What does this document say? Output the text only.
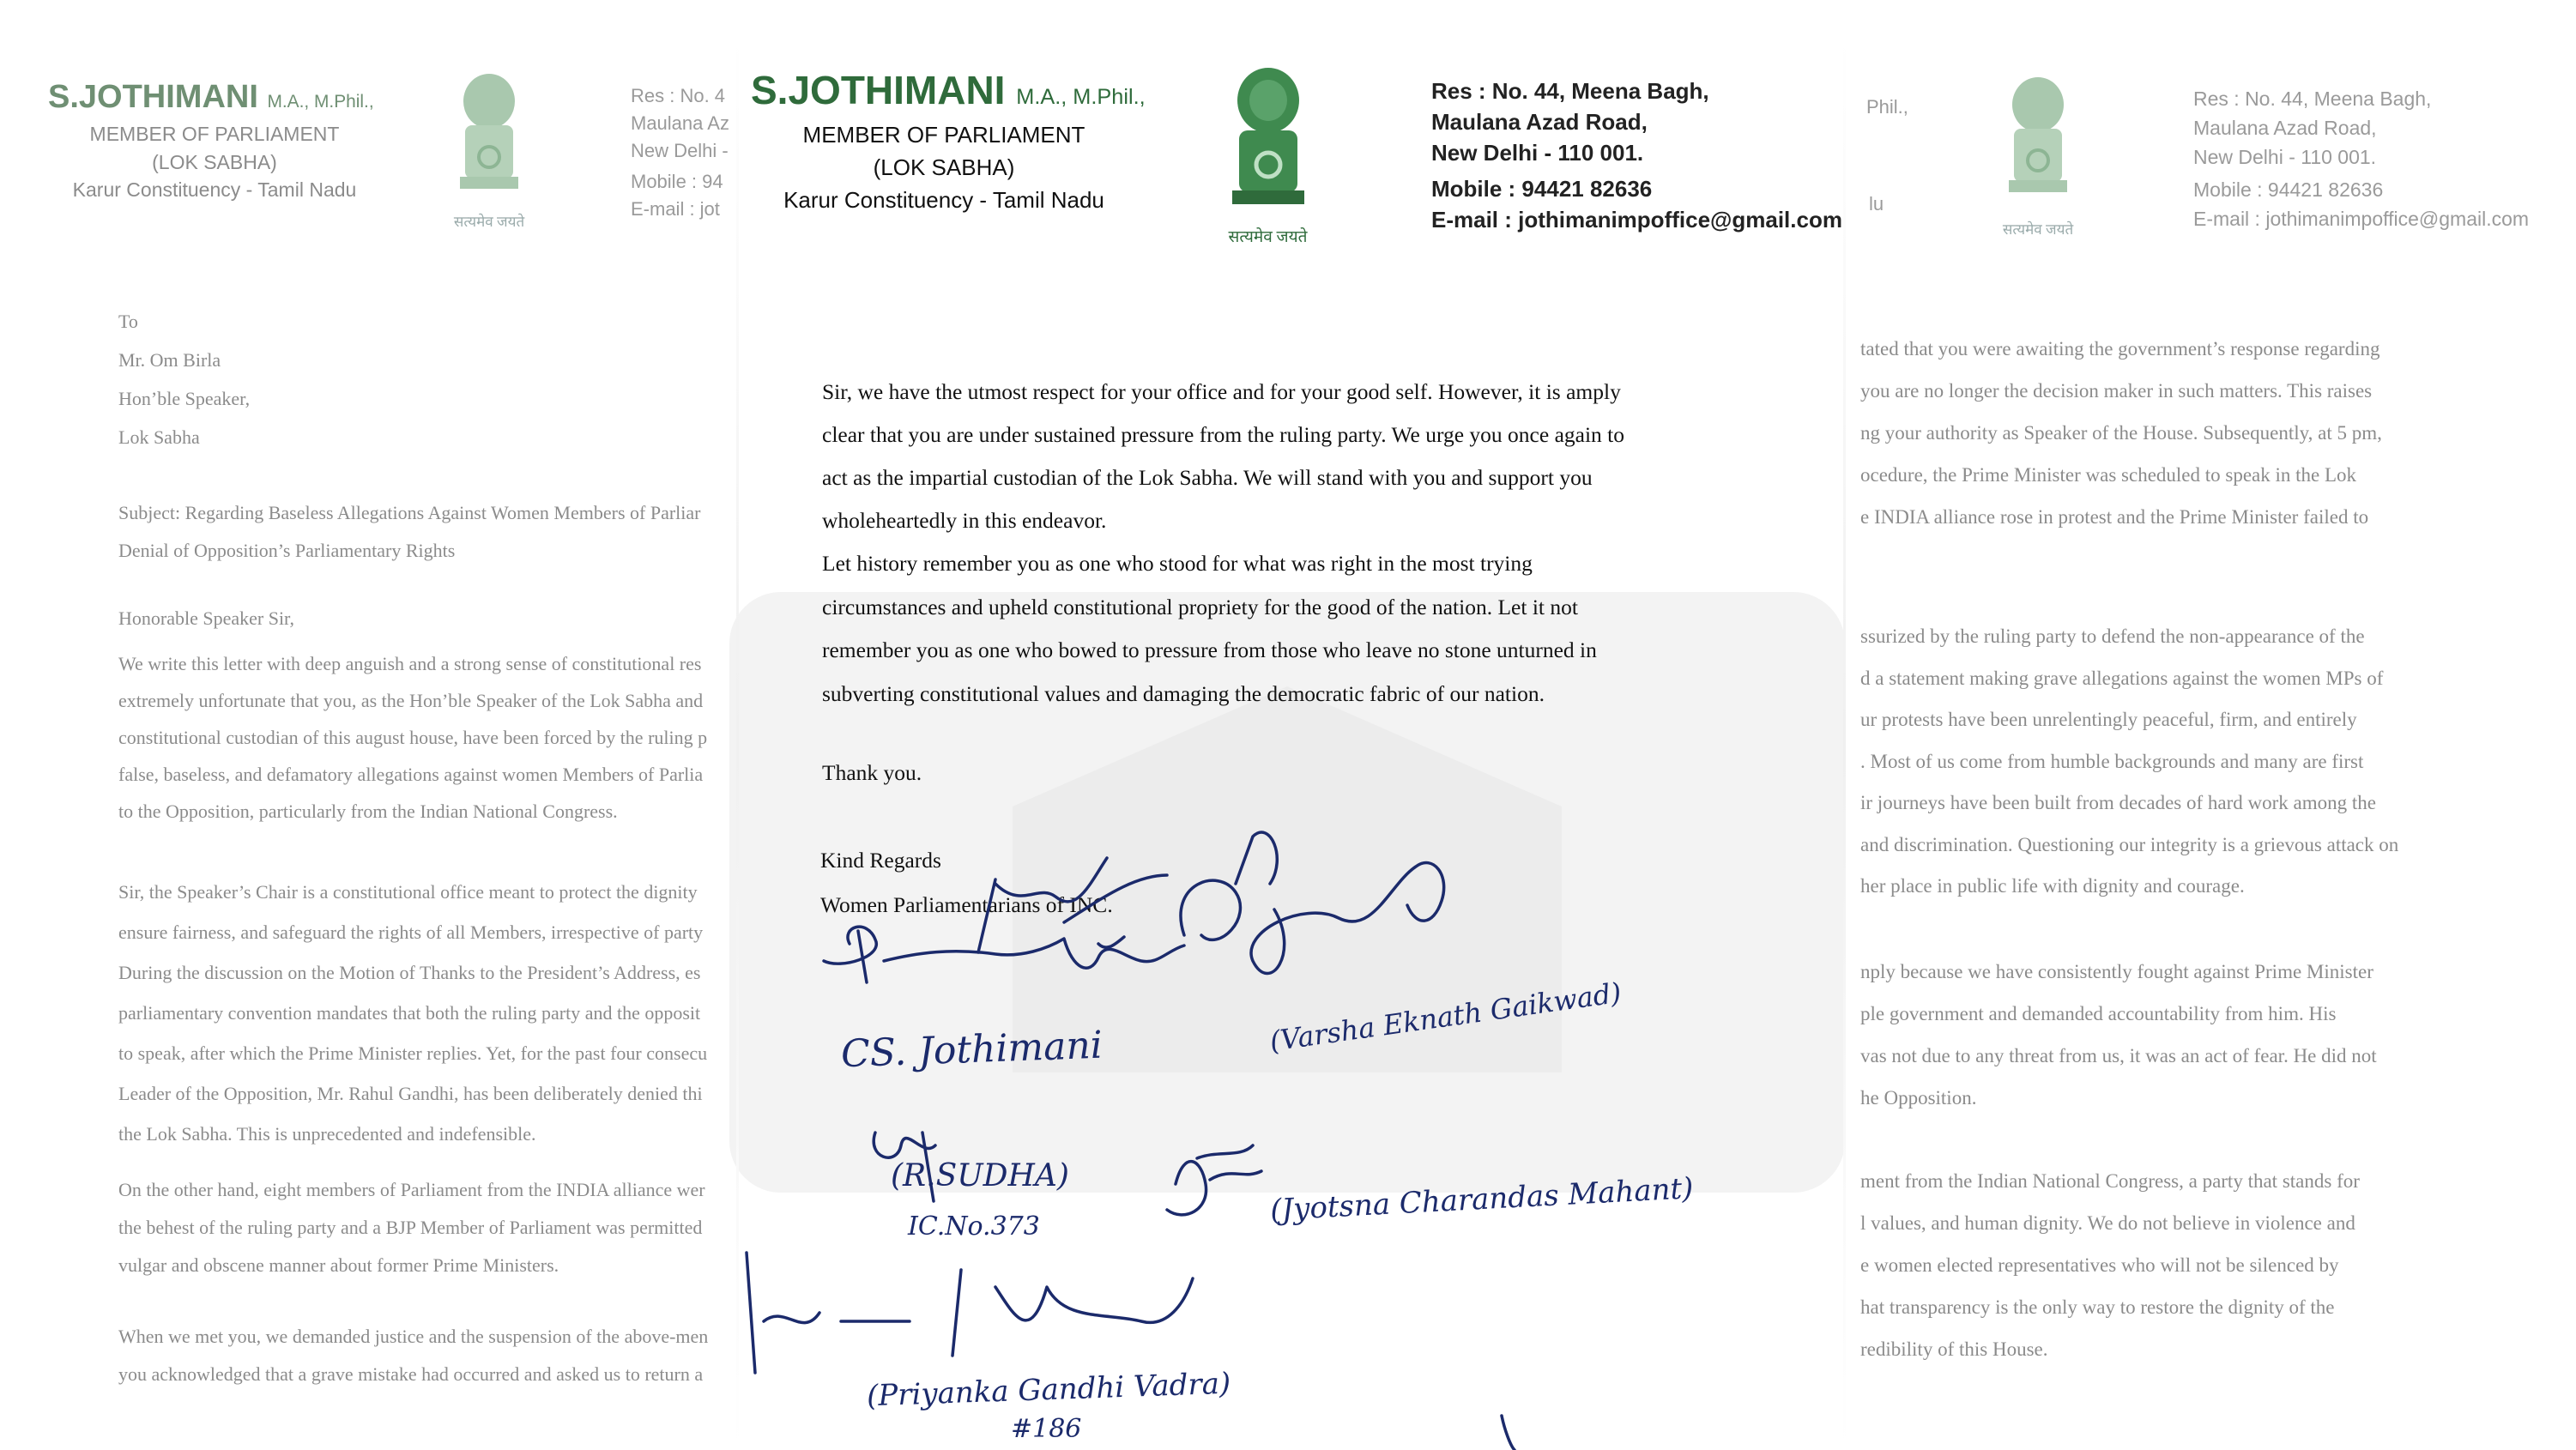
S.JOTHIMANI M.A., M.Phil.,
MEMBER OF PARLIAMENT
(LOK SABHA)
Karur Constituency - Tamil Nadu
सत्यमेव जयते
Res : No. 4
Maulana Az
New Delhi -
Mobile : 94
E-mail : jot
To
Mr. Om Birla
Hon’ble Speaker,
Lok Sabha
Subject: Regarding Baseless Allegations Against Women Members of Parliar
Denial of Opposition’s Parliamentary Rights
Honorable Speaker Sir,
We write this letter with deep anguish and a strong sense of constitutional res
extremely unfortunate that you, as the Hon’ble Speaker of the Lok Sabha and
constitutional custodian of this august house, have been forced by the ruling p
false, baseless, and defamatory allegations against women Members of Parlia
to the Opposition, particularly from the Indian National Congress.
Sir, the Speaker’s Chair is a constitutional office meant to protect the dignity
ensure fairness, and safeguard the rights of all Members, irrespective of party
During the discussion on the Motion of Thanks to the President’s Address, es
parliamentary convention mandates that both the ruling party and the opposit
to speak, after which the Prime Minister replies. Yet, for the past four consecu
Leader of the Opposition, Mr. Rahul Gandhi, has been deliberately denied thi
the Lok Sabha. This is unprecedented and indefensible.
On the other hand, eight members of Parliament from the INDIA alliance wer
the behest of the ruling party and a BJP Member of Parliament was permitted
vulgar and obscene manner about former Prime Ministers.
When we met you, we demanded justice and the suspension of the above-men
you acknowledged that a grave mistake had occurred and asked us to return a
Phil.,
lu
सत्यमेव जयते
Res : No. 44, Meena Bagh,
Maulana Azad Road,
New Delhi - 110 001.
Mobile : 94421 82636
E-mail : jothimanimpoffice@gmail.com
tated that you were awaiting the government’s response regarding
you are no longer the decision maker in such matters. This raises
ng your authority as Speaker of the House. Subsequently, at 5 pm,
ocedure, the Prime Minister was scheduled to speak in the Lok
e INDIA alliance rose in protest and the Prime Minister failed to
ssurized by the ruling party to defend the non-appearance of the
d a statement making grave allegations against the women MPs of
ur protests have been unrelentingly peaceful, firm, and entirely
. Most of us come from humble backgrounds and many are first
ir journeys have been built from decades of hard work among the
and discrimination. Questioning our integrity is a grievous attack on
her place in public life with dignity and courage.
nply because we have consistently fought against Prime Minister
ple government and demanded accountability from him. His
vas not due to any threat from us, it was an act of fear. He did not
he Opposition.
ment from the Indian National Congress, a party that stands for
l values, and human dignity. We do not believe in violence and
e women elected representatives who will not be silenced by
hat transparency is the only way to restore the dignity of the
redibility of this House.
S.JOTHIMANI M.A., M.Phil.,
MEMBER OF PARLIAMENT
(LOK SABHA)
Karur Constituency - Tamil Nadu
सत्यमेव जयते
Res : No. 44, Meena Bagh,
Maulana Azad Road,
New Delhi - 110 001.
Mobile : 94421 82636
E-mail : jothimanimpoffice@gmail.com
Sir, we have the utmost respect for your office and for your good self. However, it is amply
clear that you are under sustained pressure from the ruling party. We urge you once again to
act as the impartial custodian of the Lok Sabha. We will stand with you and support you
wholeheartedly in this endeavor.
Let history remember you as one who stood for what was right in the most trying
circumstances and upheld constitutional propriety for the good of the nation. Let it not
remember you as one who bowed to pressure from those who leave no stone unturned in
subverting constitutional values and damaging the democratic fabric of our nation.
Thank you.
Kind Regards
Women Parliamentarians of INC.
CS. Jothimani	(Varsha Eknath Gaikwad)
(R.SUDHA)
IC.No.373	(Jyotsna Charandas Mahant)
(Priyanka Gandhi Vadra)
#186
